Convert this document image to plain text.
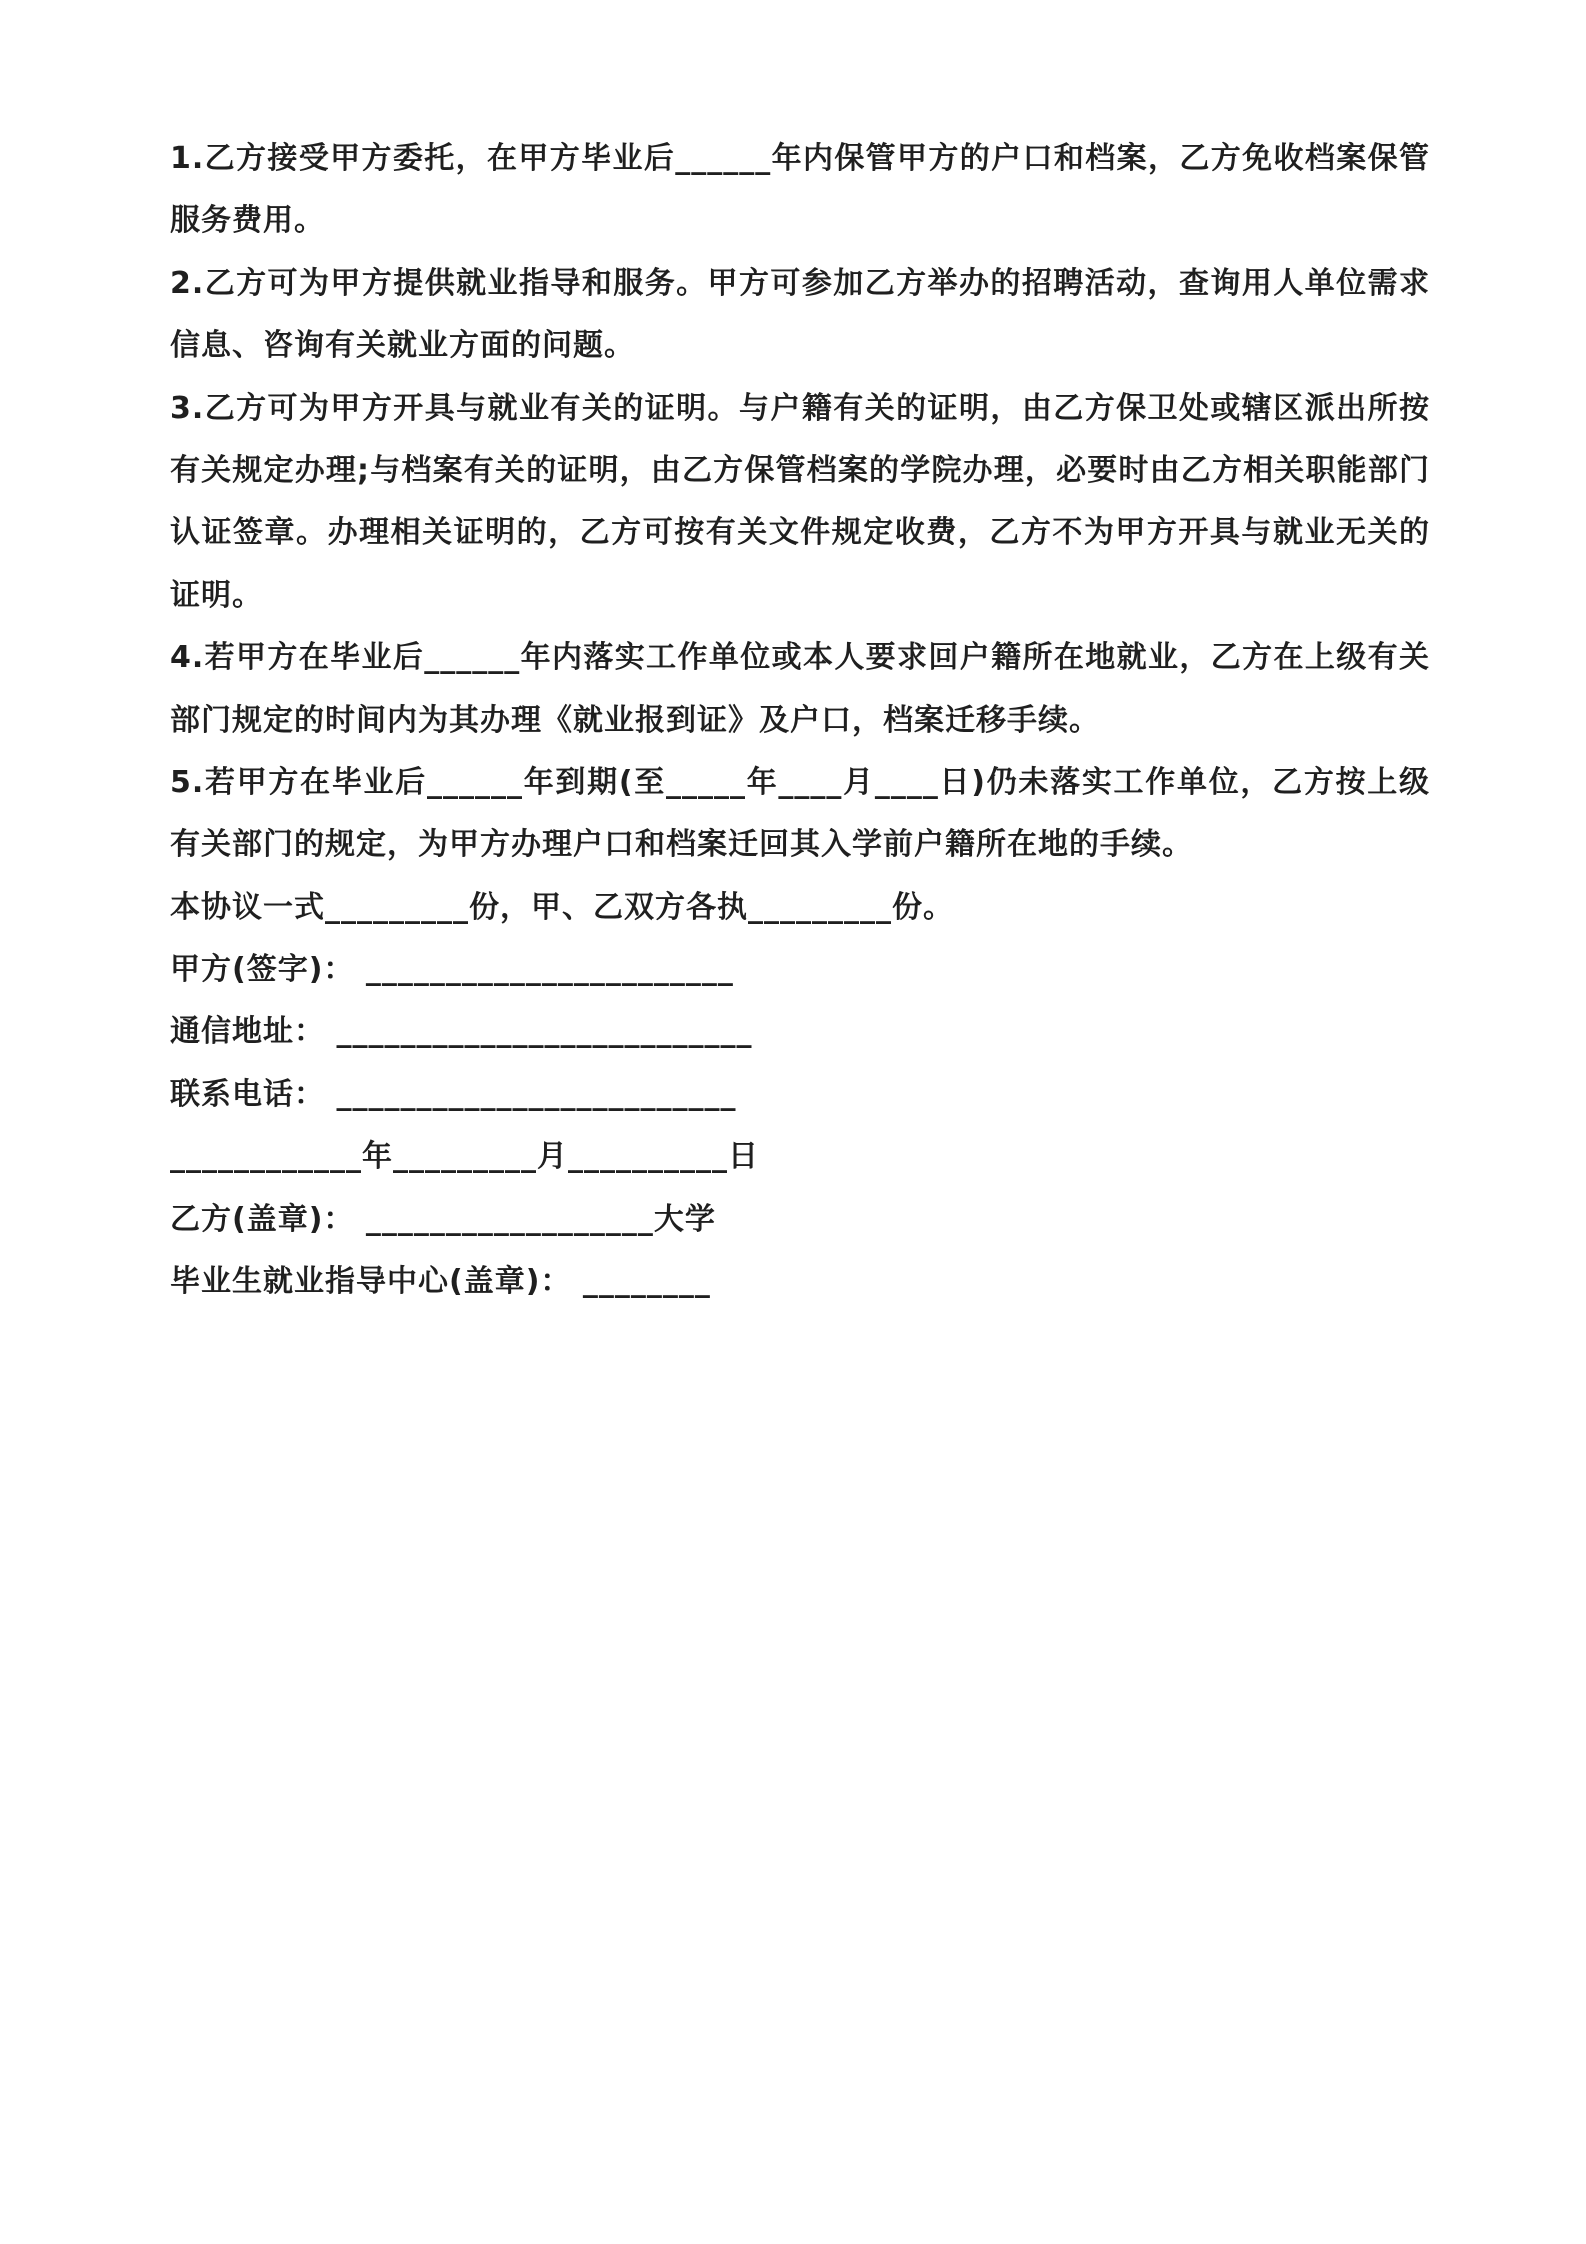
1.乙方接受甲方委托，在甲方毕业后______年内保管甲方的户口和档案，乙方免收档案保管服务费用。

2.乙方可为甲方提供就业指导和服务。甲方可参加乙方举办的招聘活动，查询用人单位需求信息、咨询有关就业方面的问题。

3.乙方可为甲方开具与就业有关的证明。与户籍有关的证明，由乙方保卫处或辖区派出所按有关规定办理;与档案有关的证明，由乙方保管档案的学院办理，必要时由乙方相关职能部门认证签章。办理相关证明的，乙方可按有关文件规定收费，乙方不为甲方开具与就业无关的证明。

4.若甲方在毕业后______年内落实工作单位或本人要求回户籍所在地就业，乙方在上级有关部门规定的时间内为其办理《就业报到证》及户口，档案迁移手续。

5.若甲方在毕业后______年到期(至_____年____月____日)仍未落实工作单位，乙方按上级有关部门的规定，为甲方办理户口和档案迁回其入学前户籍所在地的手续。

本协议一式_________份，甲、乙双方各执_________份。

甲方(签字)： _______________________

通信地址： __________________________

联系电话： _________________________

____________年_________月__________日

乙方(盖章)： __________________大学

毕业生就业指导中心(盖章)： ________
